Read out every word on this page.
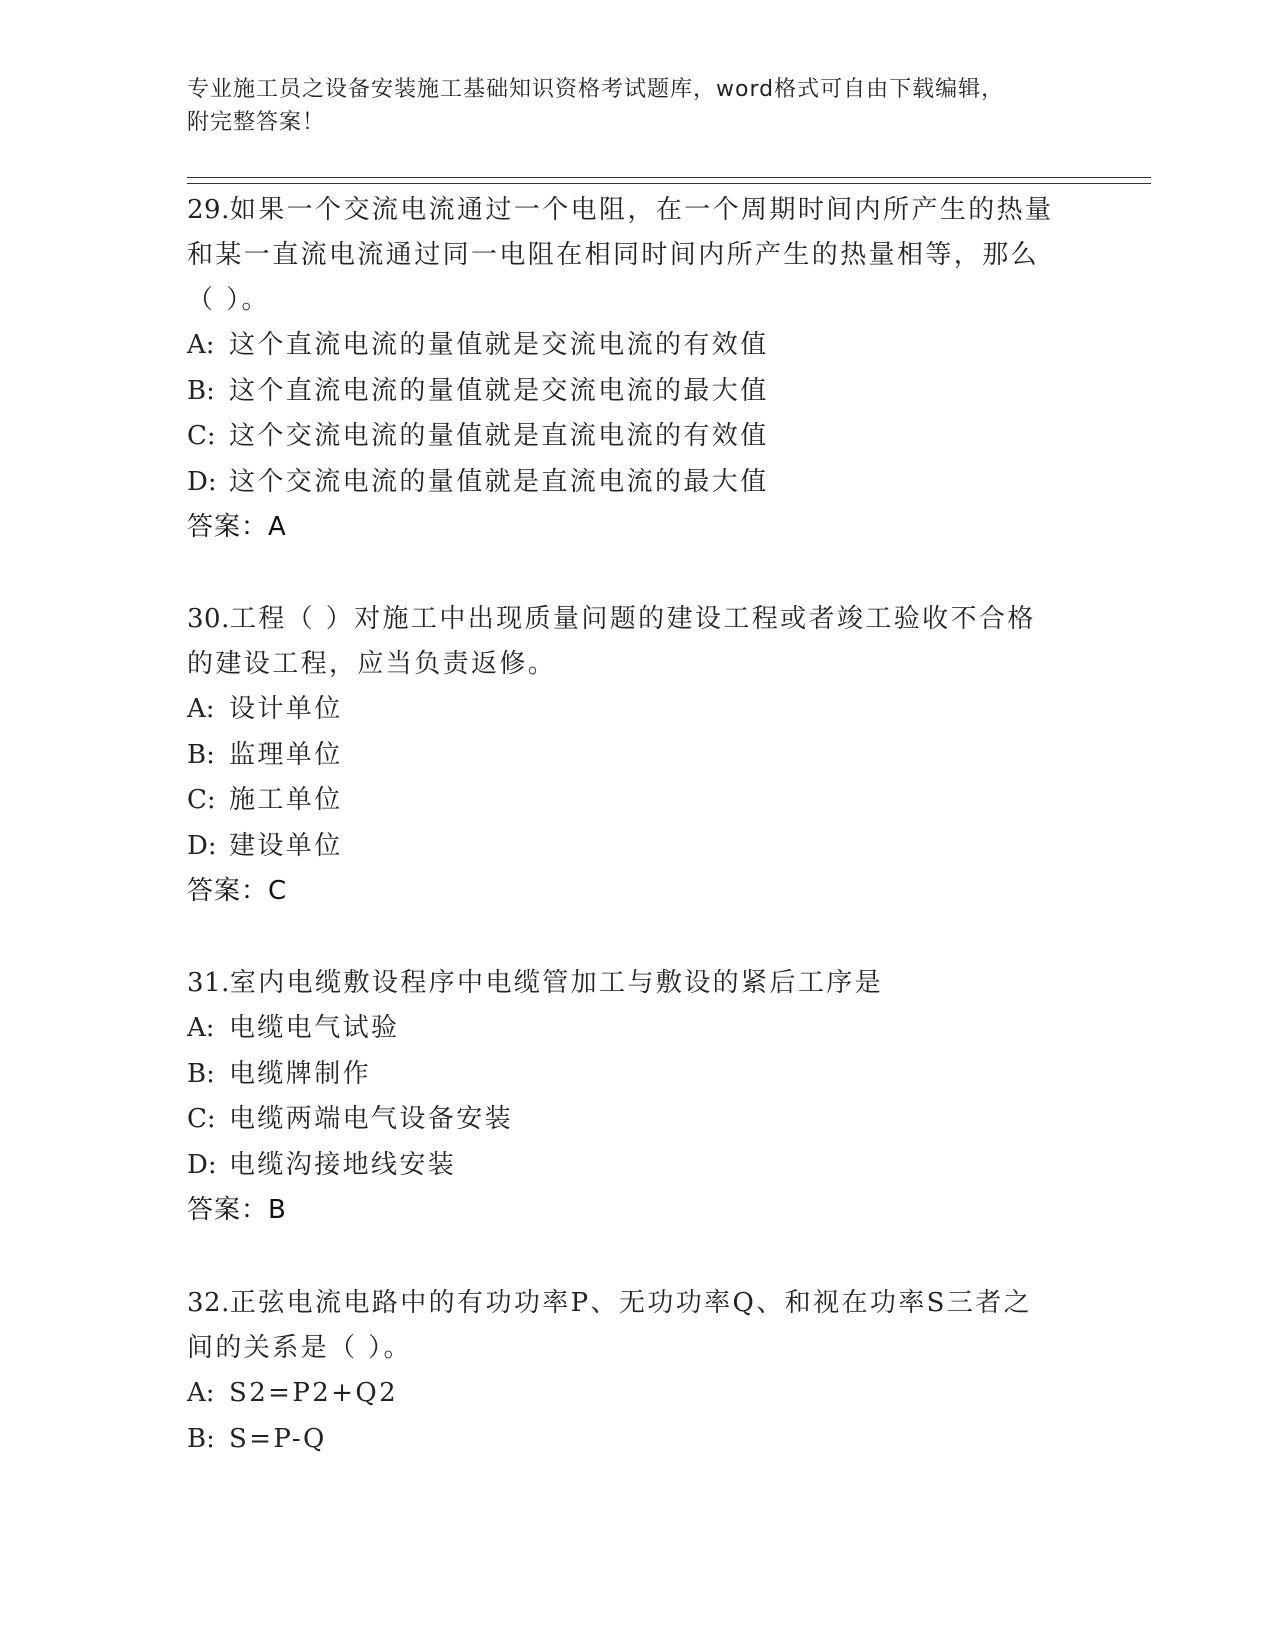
专业施工员之设备安装施工基础知识资格考试题库，word格式可自由下载编辑，
附完整答案！

29.如果一个交流电流通过一个电阻，在一个周期时间内所产生的热量

和某一直流电流通过同一电阻在相同时间内所产生的热量相等，那么

（ ）。

A: 这个直流电流的量值就是交流电流的有效值

B: 这个直流电流的量值就是交流电流的最大值

C: 这个交流电流的量值就是直流电流的有效值

D: 这个交流电流的量值就是直流电流的最大值

答案：A

30.工程（ ）对施工中出现质量问题的建设工程或者竣工验收不合格

的建设工程，应当负责返修。

A: 设计单位

B: 监理单位

C: 施工单位

D: 建设单位

答案：C

31.室内电缆敷设程序中电缆管加工与敷设的紧后工序是

A: 电缆电气试验

B: 电缆牌制作

C: 电缆两端电气设备安装

D: 电缆沟接地线安装

答案：B

32.正弦电流电路中的有功功率P、无功功率Q、和视在功率S三者之

间的关系是（ ）。

A: S2=P2+Q2

B: S=P-Q
